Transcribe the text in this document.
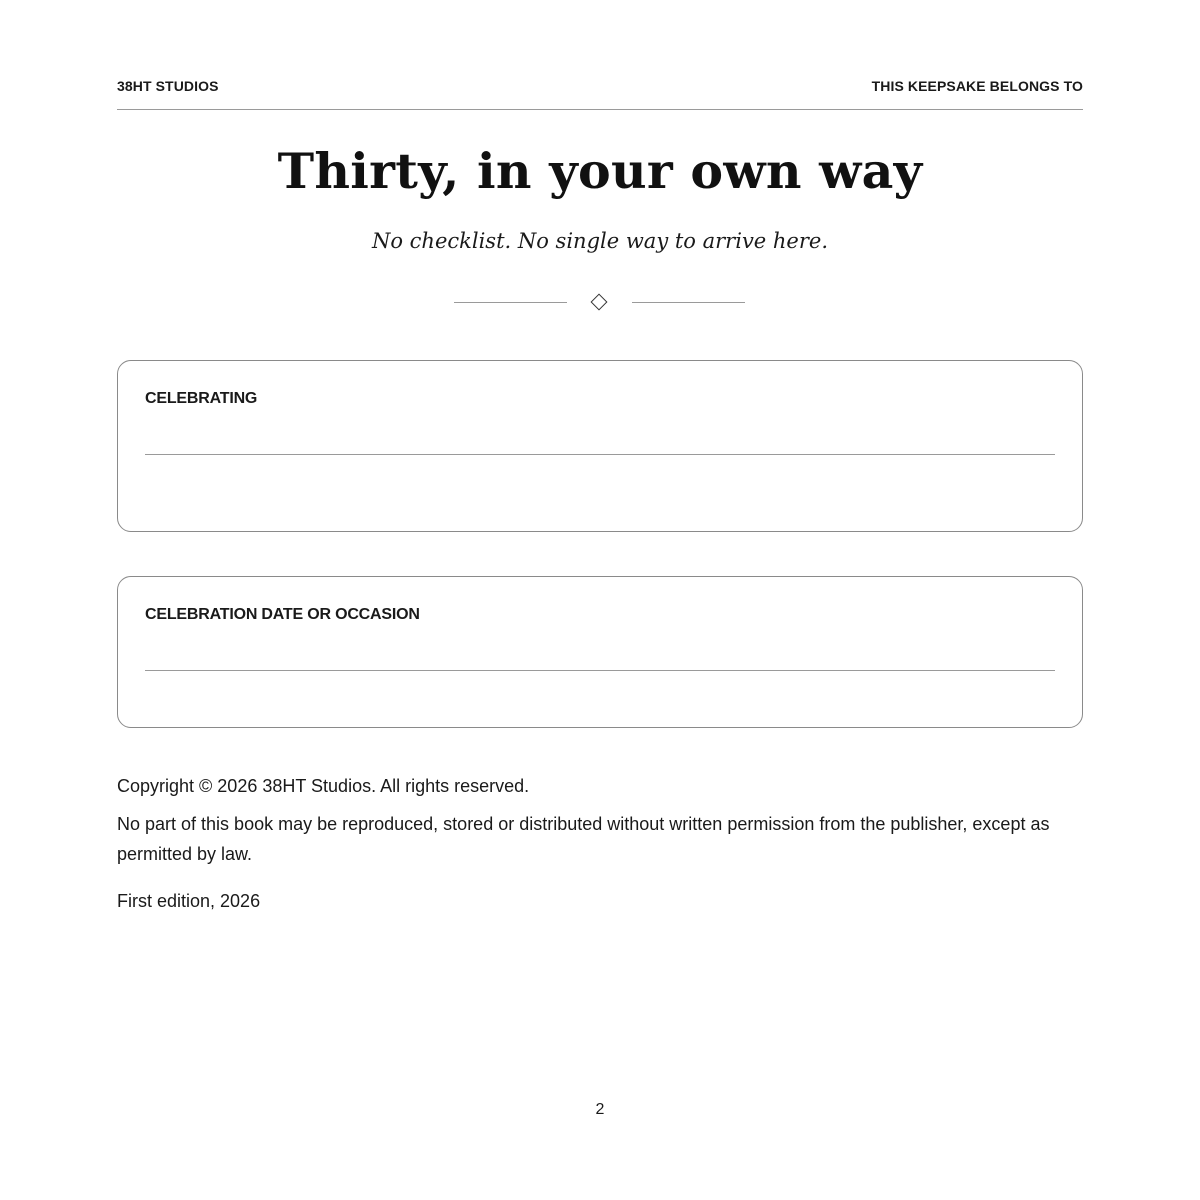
38HT STUDIOS	THIS KEEPSAKE BELONGS TO
Thirty, in your own way
No checklist. No single way to arrive here.
CELEBRATING
CELEBRATION DATE OR OCCASION

Copyright © 2026 38HT Studios. All rights reserved.

No part of this book may be reproduced, stored or distributed without written permission from the publisher, except as permitted by law.

First edition, 2026

2
